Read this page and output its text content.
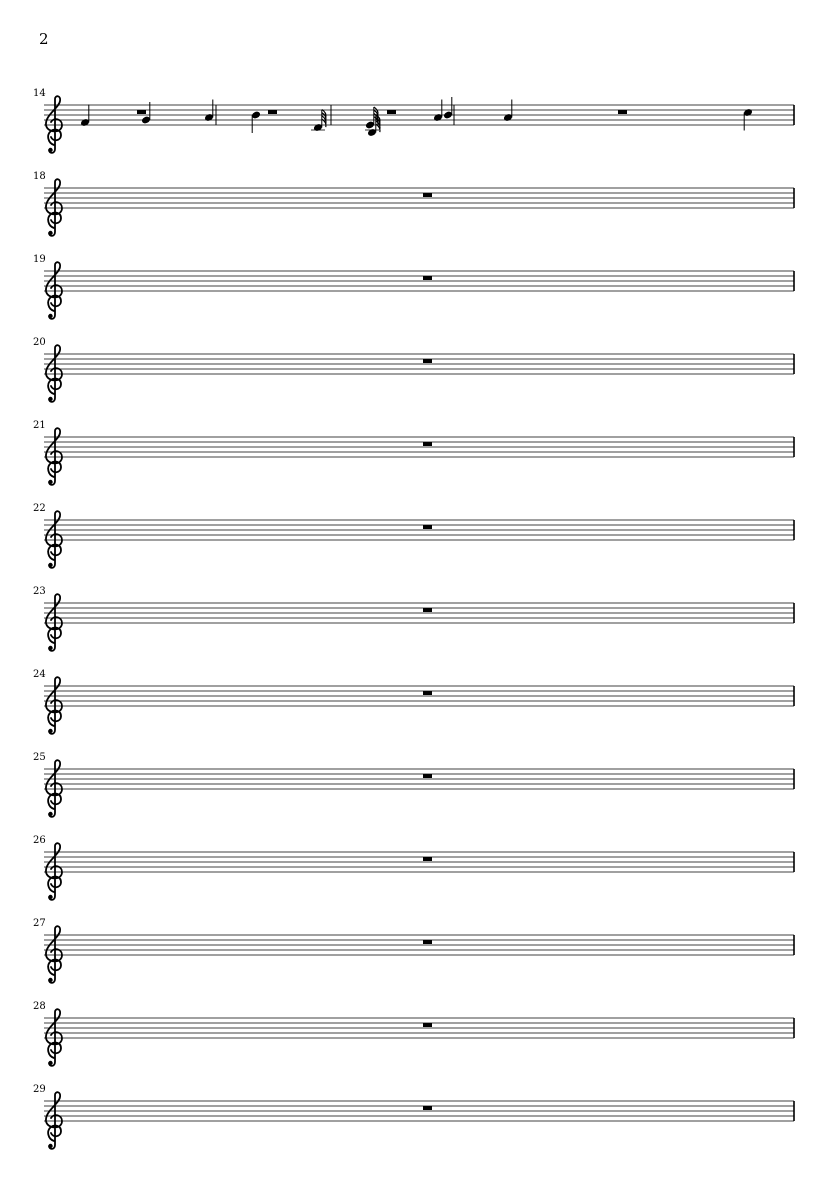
2
14
18
19
20
21
22
23
24
25
26
27
28
29
